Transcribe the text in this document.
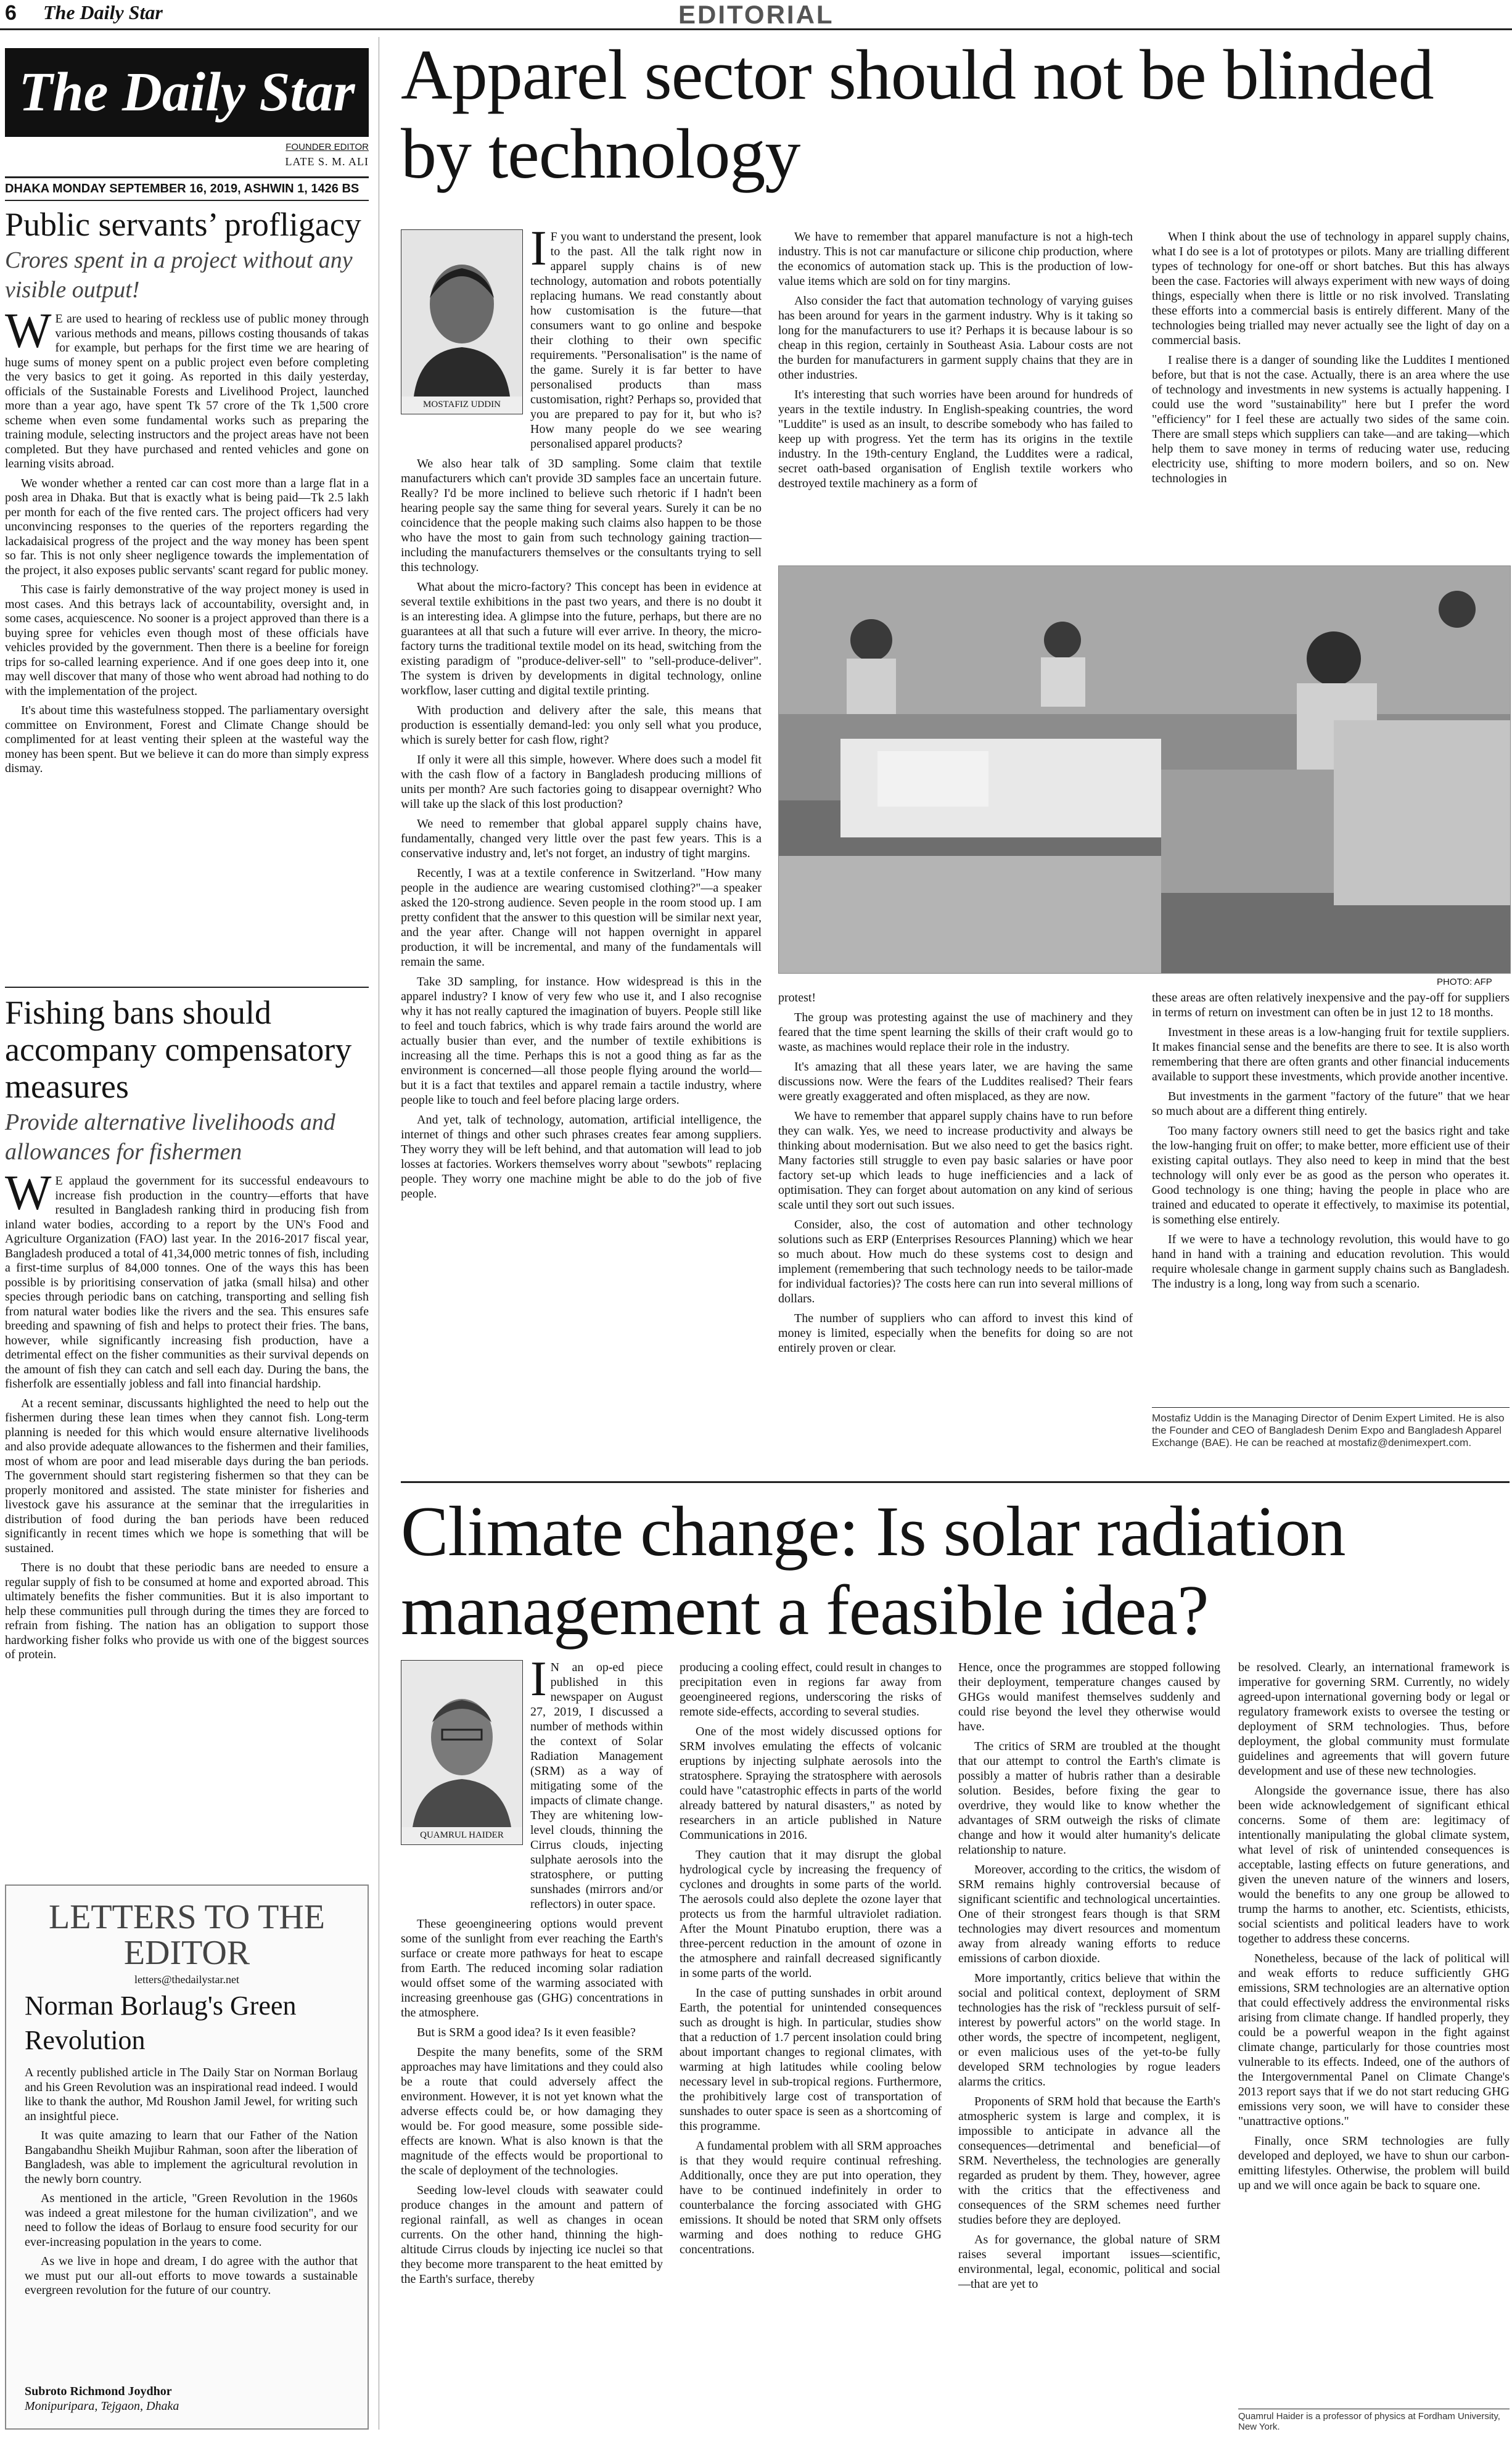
6 The Daily Star	EDITORIAL
The Daily Star
FOUNDER EDITOR
LATE S. M. ALI
DHAKA MONDAY SEPTEMBER 16, 2019, ASHWIN 1, 1426 BS
Public servants’ profligacy
Crores spent in a project without any visible output!

WE are used to hearing of reckless use of public money through various methods and means, pillows costing thousands of takas for example, but perhaps for the first time we are hearing of huge sums of money spent on a public project even before completing the very basics to get it going. As reported in this daily yesterday, officials of the Sustainable Forests and Livelihood Project, launched more than a year ago, have spent Tk 57 crore of the Tk 1,500 crore scheme when even some fundamental works such as preparing the training module, selecting instructors and the project areas have not been completed. But they have purchased and rented vehicles and gone on learning visits abroad.

We wonder whether a rented car can cost more than a large flat in a posh area in Dhaka. But that is exactly what is being paid—Tk 2.5 lakh per month for each of the five rented cars. The project officers had very unconvincing responses to the queries of the reporters regarding the lackadaisical progress of the project and the way money has been spent so far. This is not only sheer negligence towards the implementation of the project, it also exposes public servants' scant regard for public money.

This case is fairly demonstrative of the way project money is used in most cases. And this betrays lack of accountability, oversight and, in some cases, acquiescence. No sooner is a project approved than there is a buying spree for vehicles even though most of these officials have vehicles provided by the government. Then there is a beeline for foreign trips for so-called learning experience. And if one goes deep into it, one may well discover that many of those who went abroad had nothing to do with the implementation of the project.

It's about time this wastefulness stopped. The parliamentary oversight committee on Environment, Forest and Climate Change should be complimented for at least venting their spleen at the wasteful way the money has been spent. But we believe it can do more than simply express dismay.

Fishing bans should accompany compensatory measures
Provide alternative livelihoods and allowances for fishermen

WE applaud the government for its successful endeavours to increase fish production in the country—efforts that have resulted in Bangladesh ranking third in producing fish from inland water bodies, according to a report by the UN's Food and Agriculture Organization (FAO) last year. In the 2016-2017 fiscal year, Bangladesh produced a total of 41,34,000 metric tonnes of fish, including a first-time surplus of 84,000 tonnes. One of the ways this has been possible is by prioritising conservation of jatka (small hilsa) and other species through periodic bans on catching, transporting and selling fish from natural water bodies like the rivers and the sea. This ensures safe breeding and spawning of fish and helps to protect their fries. The bans, however, while significantly increasing fish production, have a detrimental effect on the fisher communities as their survival depends on the amount of fish they can catch and sell each day. During the bans, the fisherfolk are essentially jobless and fall into financial hardship.

At a recent seminar, discussants highlighted the need to help out the fishermen during these lean times when they cannot fish. Long-term planning is needed for this which would ensure alternative livelihoods and also provide adequate allowances to the fishermen and their families, most of whom are poor and lead miserable days during the ban periods. The government should start registering fishermen so that they can be properly monitored and assisted. The state minister for fisheries and livestock gave his assurance at the seminar that the irregularities in distribution of food during the ban periods have been reduced significantly in recent times which we hope is something that will be sustained.

There is no doubt that these periodic bans are needed to ensure a regular supply of fish to be consumed at home and exported abroad. This ultimately benefits the fisher communities. But it is also important to help these communities pull through during the times they are forced to refrain from fishing. The nation has an obligation to support those hardworking fisher folks who provide us with one of the biggest sources of protein.

LETTERS TO THE EDITOR
letters@thedailystar.net
Norman Borlaug's Green Revolution

A recently published article in The Daily Star on Norman Borlaug and his Green Revolution was an inspirational read indeed. I would like to thank the author, Md Roushon Jamil Jewel, for writing such an insightful piece.

It was quite amazing to learn that our Father of the Nation Bangabandhu Sheikh Mujibur Rahman, soon after the liberation of Bangladesh, was able to implement the agricultural revolution in the newly born country.

As mentioned in the article, "Green Revolution in the 1960s was indeed a great milestone for the human civilization", and we need to follow the ideas of Borlaug to ensure food security for our ever-increasing population in the years to come.

As we live in hope and dream, I do agree with the author that we must put our all-out efforts to move towards a sustainable evergreen revolution for the future of our country.

Subroto Richmond Joydhor
Monipuripara, Tejgaon, Dhaka
Apparel sector should not be blinded by technology
MOSTAFIZ UDDIN

IF you want to understand the present, look to the past. All the talk right now in apparel supply chains is of new technology, automation and robots potentially replacing humans. We read constantly about how customisation is the future—that consumers want to go online and bespoke their clothing to their own specific requirements. "Personalisation" is the name of the game. Surely it is far better to have personalised products than mass customisation, right? Perhaps so, provided that you are prepared to pay for it, but who is? How many people do we see wearing personalised apparel products?

We also hear talk of 3D sampling. Some claim that textile manufacturers which can't provide 3D samples face an uncertain future. Really? I'd be more inclined to believe such rhetoric if I hadn't been hearing people say the same thing for several years. Surely it can be no coincidence that the people making such claims also happen to be those who have the most to gain from such technology gaining traction—including the manufacturers themselves or the consultants trying to sell this technology.

What about the micro-factory? This concept has been in evidence at several textile exhibitions in the past two years, and there is no doubt it is an interesting idea. A glimpse into the future, perhaps, but there are no guarantees at all that such a future will ever arrive. In theory, the micro-factory turns the traditional textile model on its head, switching from the existing paradigm of "produce-deliver-sell" to "sell-produce-deliver". The system is driven by developments in digital technology, online workflow, laser cutting and digital textile printing.

With production and delivery after the sale, this means that production is essentially demand-led: you only sell what you produce, which is surely better for cash flow, right?

If only it were all this simple, however. Where does such a model fit with the cash flow of a factory in Bangladesh producing millions of units per month? Are such factories going to disappear overnight? Who will take up the slack of this lost production?

We need to remember that global apparel supply chains have, fundamentally, changed very little over the past few years. This is a conservative industry and, let's not forget, an industry of tight margins.

Recently, I was at a textile conference in Switzerland. "How many people in the audience are wearing customised clothing?"—a speaker asked the 120-strong audience. Seven people in the room stood up. I am pretty confident that the answer to this question will be similar next year, and the year after. Change will not happen overnight in apparel production, it will be incremental, and many of the fundamentals will remain the same.

Take 3D sampling, for instance. How widespread is this in the apparel industry? I know of very few who use it, and I also recognise why it has not really captured the imagination of buyers. People still like to feel and touch fabrics, which is why trade fairs around the world are actually busier than ever, and the number of textile exhibitions is increasing all the time. Perhaps this is not a good thing as far as the environment is concerned—all those people flying around the world—but it is a fact that textiles and apparel remain a tactile industry, where people like to touch and feel before placing large orders.

And yet, talk of technology, automation, artificial intelligence, the internet of things and other such phrases creates fear among suppliers. They worry they will be left behind, and that automation will lead to job losses at factories. Workers themselves worry about "sewbots" replacing people. They worry one machine might be able to do the job of five people.

We have to remember that apparel manufacture is not a high-tech industry. This is not car manufacture or silicone chip production, where the economics of automation stack up. This is the production of low-value items which are sold on for tiny margins.

Also consider the fact that automation technology of varying guises has been around for years in the garment industry. Why is it taking so long for the manufacturers to use it? Perhaps it is because labour is so cheap in this region, certainly in Southeast Asia. Labour costs are not the burden for manufacturers in garment supply chains that they are in other industries.

It's interesting that such worries have been around for hundreds of years in the textile industry. In English-speaking countries, the word "Luddite" is used as an insult, to describe somebody who has failed to keep up with progress. Yet the term has its origins in the textile industry. In the 19th-century England, the Luddites were a radical, secret oath-based organisation of English textile workers who destroyed textile machinery as a form of

When I think about the use of technology in apparel supply chains, what I do see is a lot of prototypes or pilots. Many are trialling different types of technology for one-off or short batches. But this has always been the case. Factories will always experiment with new ways of doing things, especially when there is little or no risk involved. Translating these efforts into a commercial basis is entirely different. Many of the technologies being trialled may never actually see the light of day on a commercial basis.

I realise there is a danger of sounding like the Luddites I mentioned before, but that is not the case. Actually, there is an area where the use of technology and investments in new systems is actually happening. I could use the word "sustainability" here but I prefer the word "efficiency" for I feel these are actually two sides of the same coin. There are small steps which suppliers can take—and are taking—which help them to save money in terms of reducing water use, reducing electricity use, shifting to more modern boilers, and so on. New technologies in

PHOTO: AFP

protest!

The group was protesting against the use of machinery and they feared that the time spent learning the skills of their craft would go to waste, as machines would replace their role in the industry.

It's amazing that all these years later, we are having the same discussions now. Were the fears of the Luddites realised? Their fears were greatly exaggerated and often misplaced, as they are now.

We have to remember that apparel supply chains have to run before they can walk. Yes, we need to increase productivity and always be thinking about modernisation. But we also need to get the basics right. Many factories still struggle to even pay basic salaries or have poor factory set-up which leads to huge inefficiencies and a lack of optimisation. They can forget about automation on any kind of serious scale until they sort out such issues.

Consider, also, the cost of automation and other technology solutions such as ERP (Enterprises Resources Planning) which we hear so much about. How much do these systems cost to design and implement (remembering that such technology needs to be tailor-made for individual factories)? The costs here can run into several millions of dollars.

The number of suppliers who can afford to invest this kind of money is limited, especially when the benefits for doing so are not entirely proven or clear.

these areas are often relatively inexpensive and the pay-off for suppliers in terms of return on investment can often be in just 12 to 18 months.

Investment in these areas is a low-hanging fruit for textile suppliers. It makes financial sense and the benefits are there to see. It is also worth remembering that there are often grants and other financial inducements available to support these investments, which provide another incentive.

But investments in the garment "factory of the future" that we hear so much about are a different thing entirely.

Too many factory owners still need to get the basics right and take the low-hanging fruit on offer; to make better, more efficient use of their existing capital outlays. They also need to keep in mind that the best technology will only ever be as good as the person who operates it. Good technology is one thing; having the people in place who are trained and educated to operate it effectively, to maximise its potential, is something else entirely.

If we were to have a technology revolution, this would have to go hand in hand with a training and education revolution. This would require wholesale change in garment supply chains such as Bangladesh. The industry is a long, long way from such a scenario.

Mostafiz Uddin is the Managing Director of Denim Expert Limited. He is also the Founder and CEO of Bangladesh Denim Expo and Bangladesh Apparel Exchange (BAE). He can be reached at mostafiz@denimexpert.com.
Climate change: Is solar radiation management a feasible idea?
QUAMRUL HAIDER

IN an op-ed piece published in this newspaper on August 27, 2019, I discussed a number of methods within the context of Solar Radiation Management (SRM) as a way of mitigating some of the impacts of climate change. They are whitening low-level clouds, thinning the Cirrus clouds, injecting sulphate aerosols into the stratosphere, or putting sunshades (mirrors and/or reflectors) in outer space.

These geoengineering options would prevent some of the sunlight from ever reaching the Earth's surface or create more pathways for heat to escape from Earth. The reduced incoming solar radiation would offset some of the warming associated with increasing greenhouse gas (GHG) concentrations in the atmosphere.

But is SRM a good idea? Is it even feasible?

Despite the many benefits, some of the SRM approaches may have limitations and they could also be a route that could adversely affect the environment. However, it is not yet known what the adverse effects could be, or how damaging they would be. For good measure, some possible side-effects are known. What is also known is that the magnitude of the effects would be proportional to the scale of deployment of the technologies.

Seeding low-level clouds with seawater could produce changes in the amount and pattern of regional rainfall, as well as changes in ocean currents. On the other hand, thinning the high-altitude Cirrus clouds by injecting ice nuclei so that they become more transparent to the heat emitted by the Earth's surface, thereby

producing a cooling effect, could result in changes to precipitation even in regions far away from geoengineered regions, underscoring the risks of remote side-effects, according to several studies.

One of the most widely discussed options for SRM involves emulating the effects of volcanic eruptions by injecting sulphate aerosols into the stratosphere. Spraying the stratosphere with aerosols could have "catastrophic effects in parts of the world already battered by natural disasters," as noted by researchers in an article published in Nature Communications in 2016.

They caution that it may disrupt the global hydrological cycle by increasing the frequency of cyclones and droughts in some parts of the world. The aerosols could also deplete the ozone layer that protects us from the harmful ultraviolet radiation. After the Mount Pinatubo eruption, there was a three-percent reduction in the amount of ozone in the atmosphere and rainfall decreased significantly in some parts of the world.

In the case of putting sunshades in orbit around Earth, the potential for unintended consequences such as drought is high. In particular, studies show that a reduction of 1.7 percent insolation could bring about important changes to regional climates, with warming at high latitudes while cooling below necessary level in sub-tropical regions. Furthermore, the prohibitively large cost of transportation of sunshades to outer space is seen as a shortcoming of this programme.

A fundamental problem with all SRM approaches is that they would require continual refreshing. Additionally, once they are put into operation, they have to be continued indefinitely in order to counterbalance the forcing associated with GHG emissions. It should be noted that SRM only offsets warming and does nothing to reduce GHG concentrations.

Hence, once the programmes are stopped following their deployment, temperature changes caused by GHGs would manifest themselves suddenly and could rise beyond the level they otherwise would have.

The critics of SRM are troubled at the thought that our attempt to control the Earth's climate is possibly a matter of hubris rather than a desirable solution. Besides, before fixing the gear to overdrive, they would like to know whether the advantages of SRM outweigh the risks of climate change and how it would alter humanity's delicate relationship to nature.

Moreover, according to the critics, the wisdom of SRM remains highly controversial because of significant scientific and technological uncertainties. One of their strongest fears though is that SRM technologies may divert resources and momentum away from already waning efforts to reduce emissions of carbon dioxide.

More importantly, critics believe that within the social and political context, deployment of SRM technologies has the risk of "reckless pursuit of self-interest by powerful actors" on the world stage. In other words, the spectre of incompetent, negligent, or even malicious uses of the yet-to-be fully developed SRM technologies by rogue leaders alarms the critics.

Proponents of SRM hold that because the Earth's atmospheric system is large and complex, it is impossible to anticipate in advance all the consequences—detrimental and beneficial—of SRM. Nevertheless, the technologies are generally regarded as prudent by them. They, however, agree with the critics that the effectiveness and consequences of the SRM schemes need further studies before they are deployed.

As for governance, the global nature of SRM raises several important issues—scientific, environmental, legal, economic, political and social—that are yet to

be resolved. Clearly, an international framework is imperative for governing SRM. Currently, no widely agreed-upon international governing body or legal or regulatory framework exists to oversee the testing or deployment of SRM technologies. Thus, before deployment, the global community must formulate guidelines and agreements that will govern future development and use of these new technologies.

Alongside the governance issue, there has also been wide acknowledgement of significant ethical concerns. Some of them are: legitimacy of intentionally manipulating the global climate system, what level of risk of unintended consequences is acceptable, lasting effects on future generations, and given the uneven nature of the winners and losers, would the benefits to any one group be allowed to trump the harms to another, etc. Scientists, ethicists, social scientists and political leaders have to work together to address these concerns.

Nonetheless, because of the lack of political will and weak efforts to reduce sufficiently GHG emissions, SRM technologies are an alternative option that could effectively address the environmental risks arising from climate change. If handled properly, they could be a powerful weapon in the fight against climate change, particularly for those countries most vulnerable to its effects. Indeed, one of the authors of the Intergovernmental Panel on Climate Change's 2013 report says that if we do not start reducing GHG emissions very soon, we will have to consider these "unattractive options."

Finally, once SRM technologies are fully developed and deployed, we have to shun our carbon-emitting lifestyles. Otherwise, the problem will build up and we will once again be back to square one.

Quamrul Haider is a professor of physics at Fordham University, New York.
